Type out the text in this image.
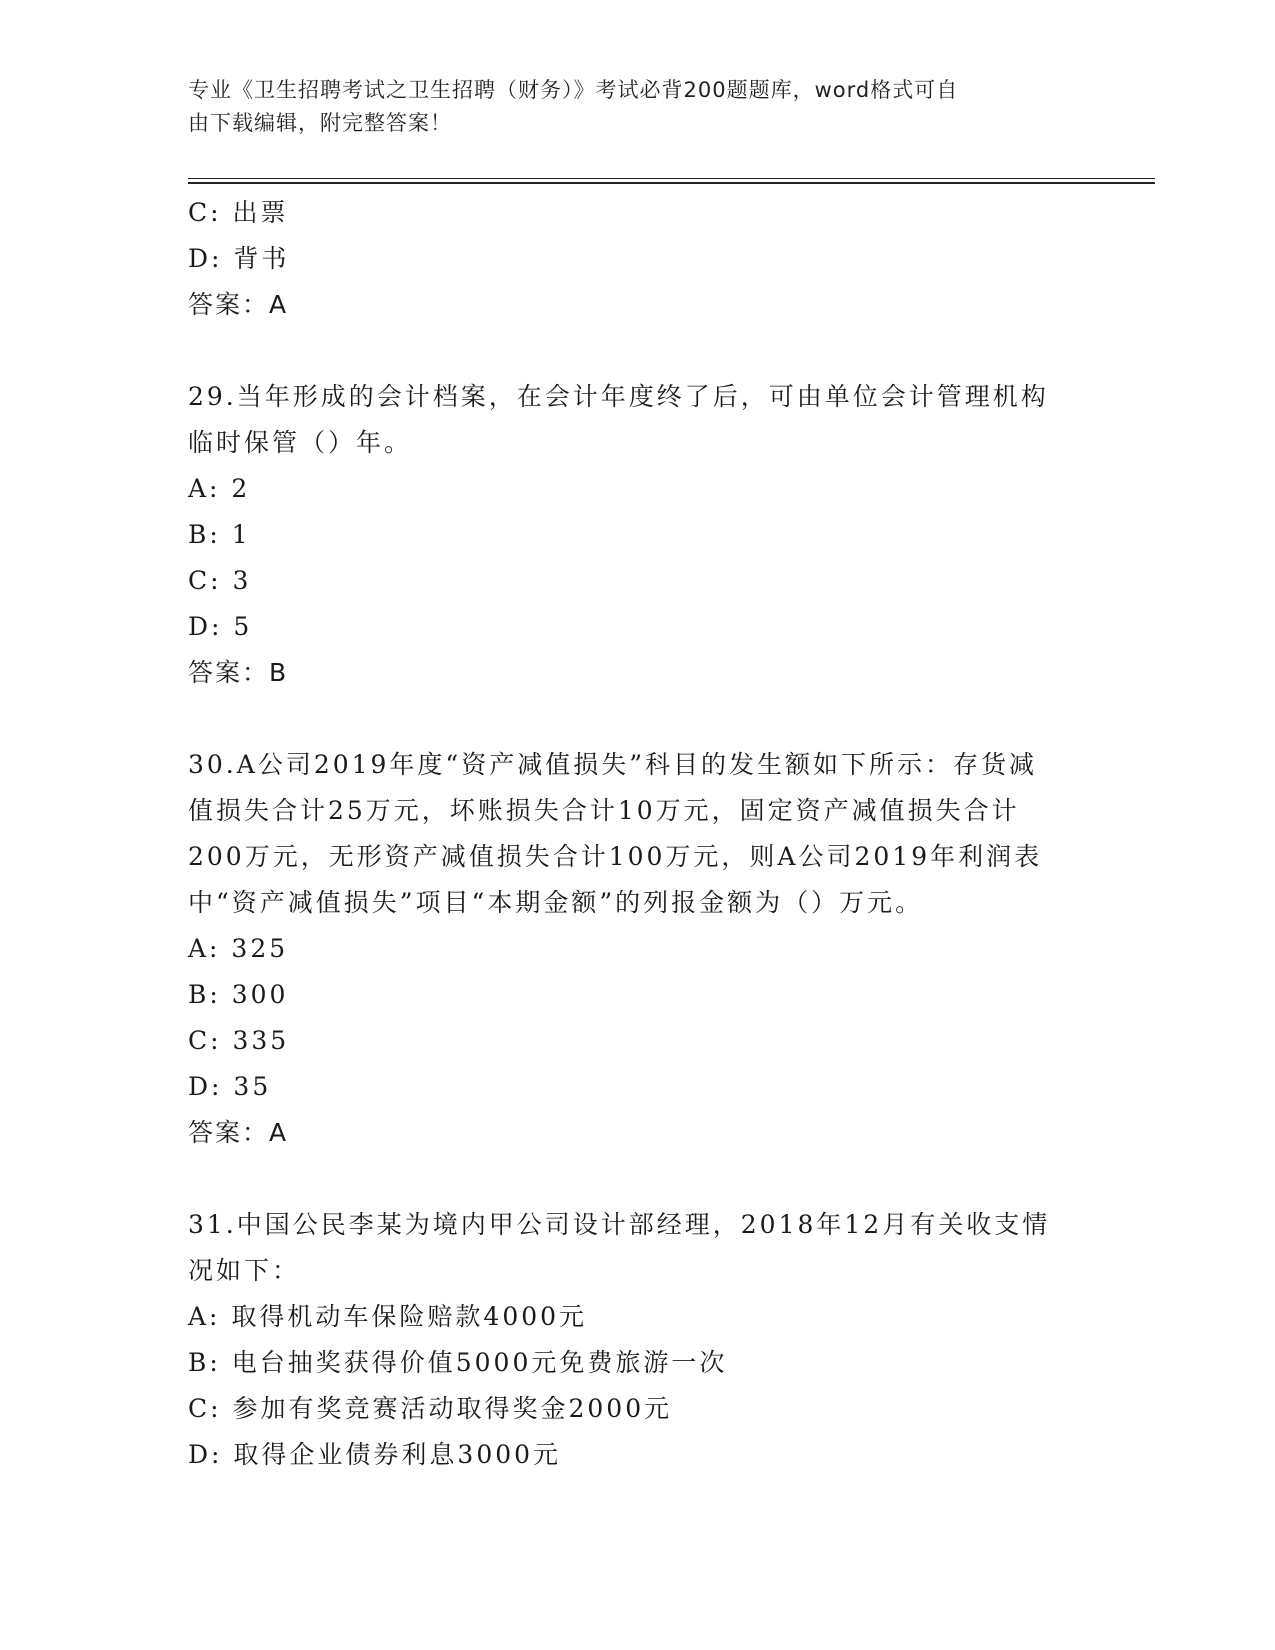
专业《卫生招聘考试之卫生招聘（财务）》考试必背200题题库，word格式可自
由下载编辑，附完整答案！
C: 出票
D: 背书
答案：A
29.当年形成的会计档案，在会计年度终了后，可由单位会计管理机构
临时保管（）年。
A: 2
B: 1
C: 3
D: 5
答案：B
30.A公司2019年度“资产减值损失”科目的发生额如下所示：存货减
值损失合计25万元，坏账损失合计10万元，固定资产减值损失合计
200万元，无形资产减值损失合计100万元，则A公司2019年利润表
中“资产减值损失”项目“本期金额”的列报金额为（）万元。
A: 325
B: 300
C: 335
D: 35
答案：A
31.中国公民李某为境内甲公司设计部经理，2018年12月有关收支情
况如下：
A: 取得机动车保险赔款4000元
B: 电台抽奖获得价值5000元免费旅游一次
C: 参加有奖竞赛活动取得奖金2000元
D: 取得企业债券利息3000元
